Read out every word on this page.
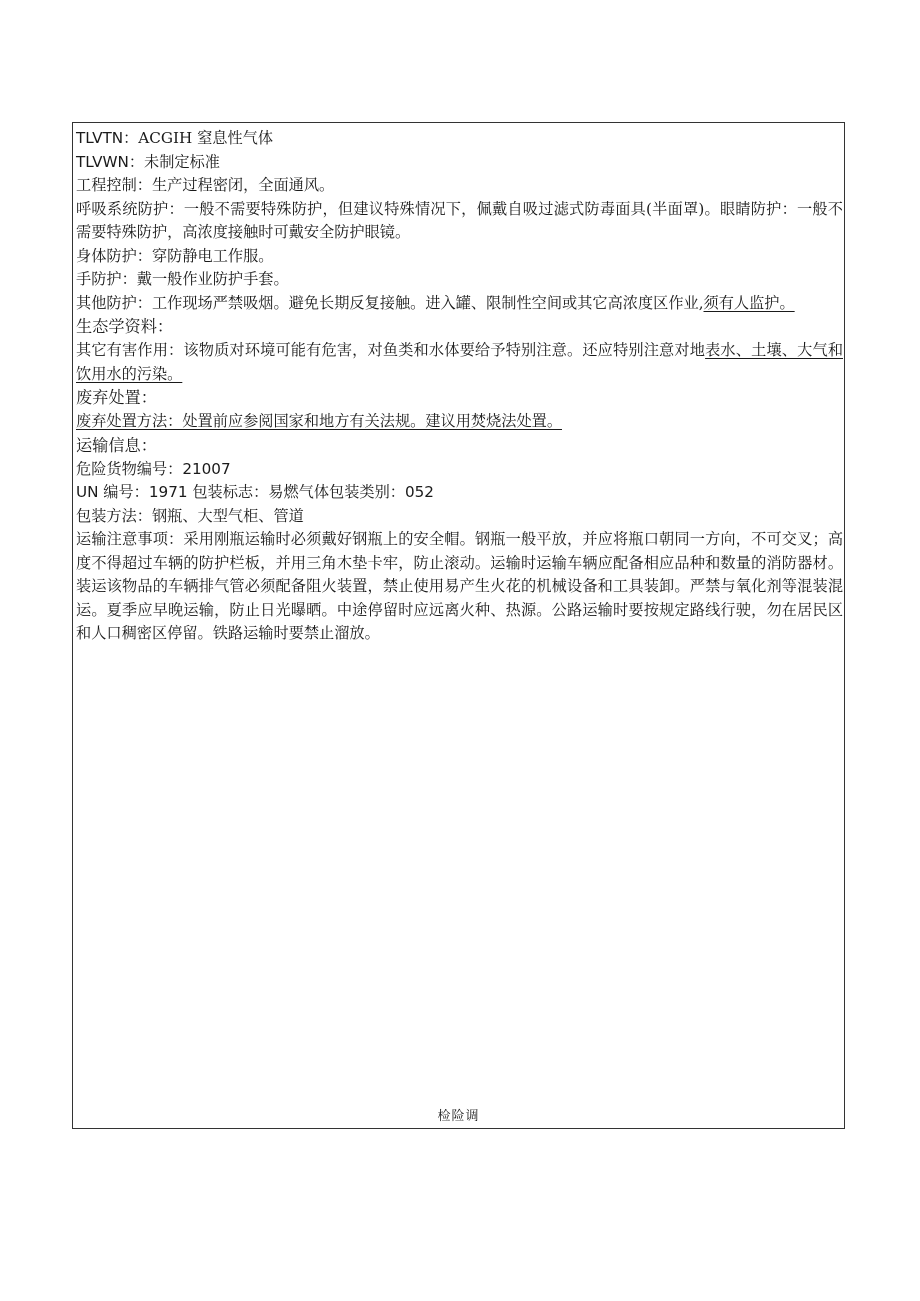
TLVTN：ACGIH 窒息性气体

TLVWN：未制定标准

工程控制：生产过程密闭，全面通风。

呼吸系统防护：一般不需要特殊防护，但建议特殊情况下，佩戴自吸过滤式防毒面具(半面罩)。眼睛防护：一般不需要特殊防护，高浓度接触时可戴安全防护眼镜。

身体防护：穿防静电工作服。

手防护：戴一般作业防护手套。

其他防护：工作现场严禁吸烟。避免长期反复接触。进入罐、限制性空间或其它高浓度区作业,须有人监护。

生态学资料：

其它有害作用：该物质对环境可能有危害，对鱼类和水体要给予特别注意。还应特别注意对地表水、土壤、大气和饮用水的污染。

废弃处置：

废弃处置方法：处置前应参阅国家和地方有关法规。建议用焚烧法处置。

运输信息：

危险货物编号：21007

UN 编号：1971 包装标志：易燃气体包装类别：052

包装方法：钢瓶、大型气柜、管道

运输注意事项：采用刚瓶运输时必须戴好钢瓶上的安全帽。钢瓶一般平放，并应将瓶口朝同一方向，不可交叉；高度不得超过车辆的防护栏板，并用三角木垫卡牢，防止滚动。运输时运输车辆应配备相应品种和数量的消防器材。装运该物品的车辆排气管必须配备阻火装置，禁止使用易产生火花的机械设备和工具装卸。严禁与氧化剂等混装混运。夏季应早晚运输，防止日光曝晒。中途停留时应远离火种、热源。公路运输时要按规定路线行驶，勿在居民区和人口稠密区停留。铁路运输时要禁止溜放。

检险调
